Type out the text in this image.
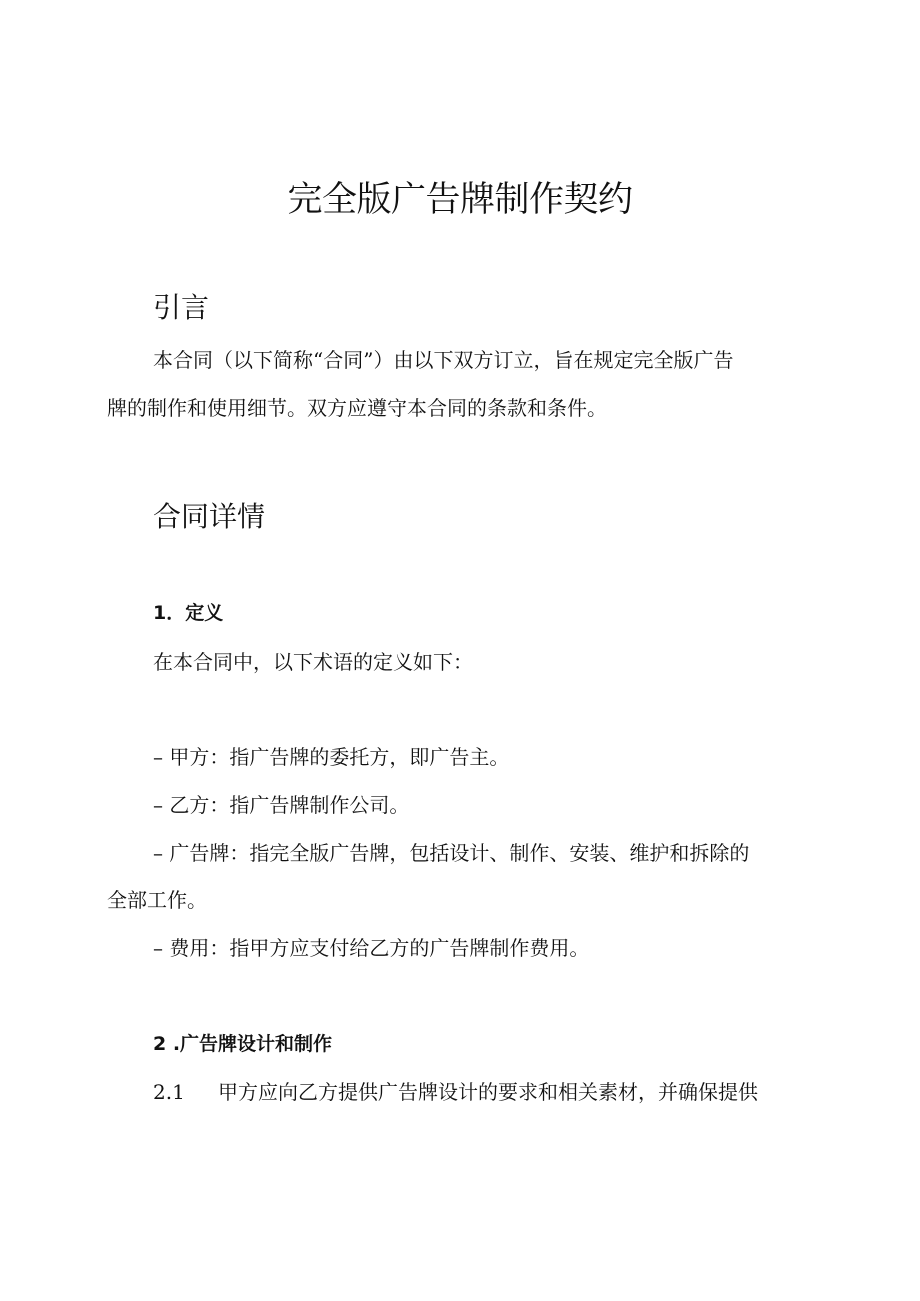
完全版广告牌制作契约
引言

本合同（以下简称“合同”）由以下双方订立，旨在规定完全版广告

牌的制作和使用细节。双方应遵守本合同的条款和条件。

合同详情
1．定义

在本合同中，以下术语的定义如下：

– 甲方：指广告牌的委托方，即广告主。

– 乙方：指广告牌制作公司。

– 广告牌：指完全版广告牌，包括设计、制作、安装、维护和拆除的

全部工作。

– 费用：指甲方应支付给乙方的广告牌制作费用。

2 .广告牌设计和制作

2.1 甲方应向乙方提供广告牌设计的要求和相关素材，并确保提供
